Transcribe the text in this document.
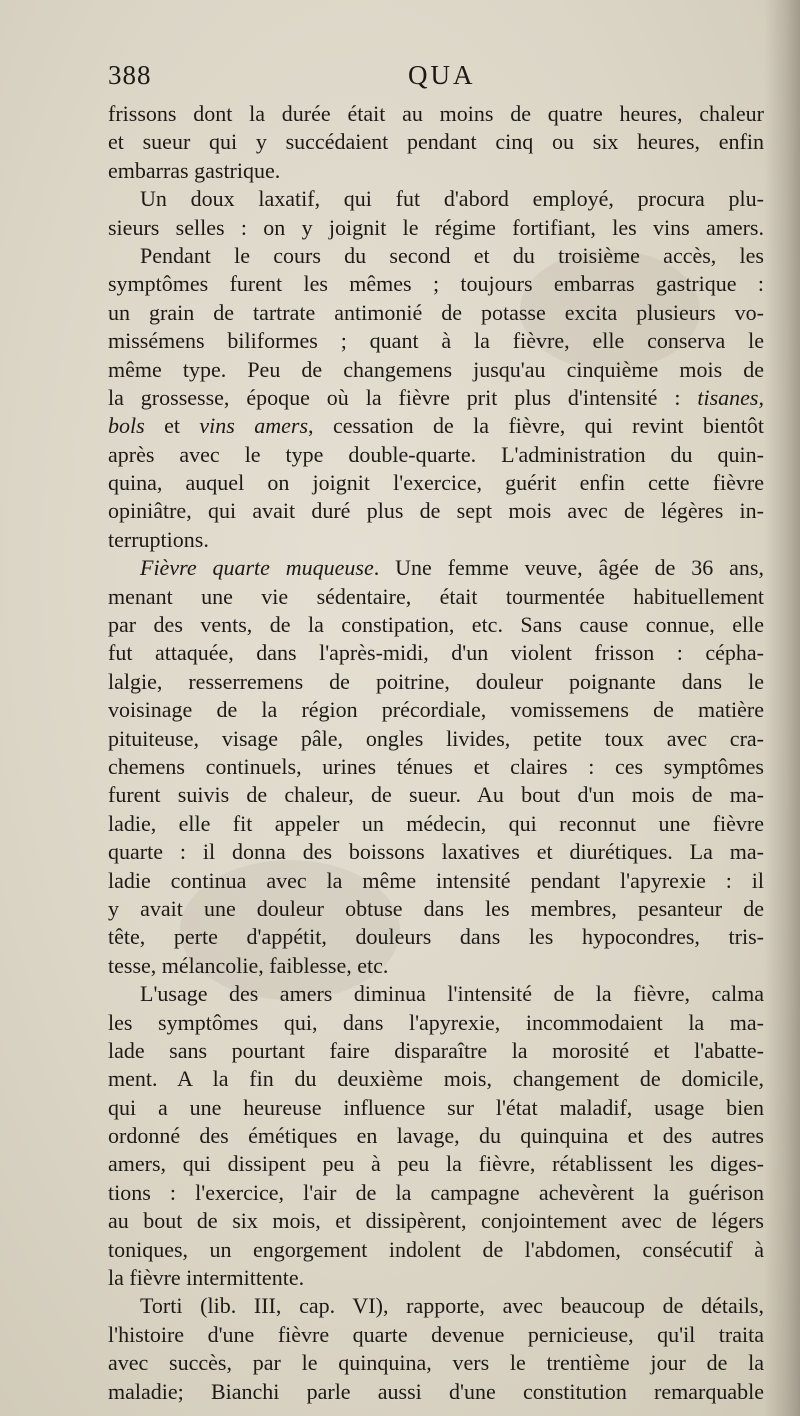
388	QUA

frissons dont la durée était au moins de quatre heures, chaleur
et sueur qui y succédaient pendant cinq ou six heures, enfin
embarras gastrique.

Un doux laxatif, qui fut d'abord employé, procura plu-
sieurs selles : on y joignit le régime fortifiant, les vins amers.

Pendant le cours du second et du troisième accès, les
symptômes furent les mêmes ; toujours embarras gastrique :
un grain de tartrate antimonié de potasse excita plusieurs vo-
missémens biliformes ; quant à la fièvre, elle conserva le
même type. Peu de changemens jusqu'au cinquième mois de
la grossesse, époque où la fièvre prit plus d'intensité : tisanes,
bols et vins amers, cessation de la fièvre, qui revint bientôt
après avec le type double-quarte. L'administration du quin-
quina, auquel on joignit l'exercice, guérit enfin cette fièvre
opiniâtre, qui avait duré plus de sept mois avec de légères in-
terruptions.

Fièvre quarte muqueuse. Une femme veuve, âgée de 36 ans,
menant une vie sédentaire, était tourmentée habituellement
par des vents, de la constipation, etc. Sans cause connue, elle
fut attaquée, dans l'après-midi, d'un violent frisson : cépha-
lalgie, resserremens de poitrine, douleur poignante dans le
voisinage de la région précordiale, vomissemens de matière
pituiteuse, visage pâle, ongles livides, petite toux avec cra-
chemens continuels, urines ténues et claires : ces symptômes
furent suivis de chaleur, de sueur. Au bout d'un mois de ma-
ladie, elle fit appeler un médecin, qui reconnut une fièvre
quarte : il donna des boissons laxatives et diurétiques. La ma-
ladie continua avec la même intensité pendant l'apyrexie : il
y avait une douleur obtuse dans les membres, pesanteur de
tête, perte d'appétit, douleurs dans les hypocondres, tris-
tesse, mélancolie, faiblesse, etc.

L'usage des amers diminua l'intensité de la fièvre, calma
les symptômes qui, dans l'apyrexie, incommodaient la ma-
lade sans pourtant faire disparaître la morosité et l'abatte-
ment. A la fin du deuxième mois, changement de domicile,
qui a une heureuse influence sur l'état maladif, usage bien
ordonné des émétiques en lavage, du quinquina et des autres
amers, qui dissipent peu à peu la fièvre, rétablissent les diges-
tions : l'exercice, l'air de la campagne achevèrent la guérison
au bout de six mois, et dissipèrent, conjointement avec de légers
toniques, un engorgement indolent de l'abdomen, consécutif à
la fièvre intermittente.

Torti (lib. III, cap. VI), rapporte, avec beaucoup de détails,
l'histoire d'une fièvre quarte devenue pernicieuse, qu'il traita
avec succès, par le quinquina, vers le trentième jour de la
maladie; Bianchi parle aussi d'une constitution remarquable
